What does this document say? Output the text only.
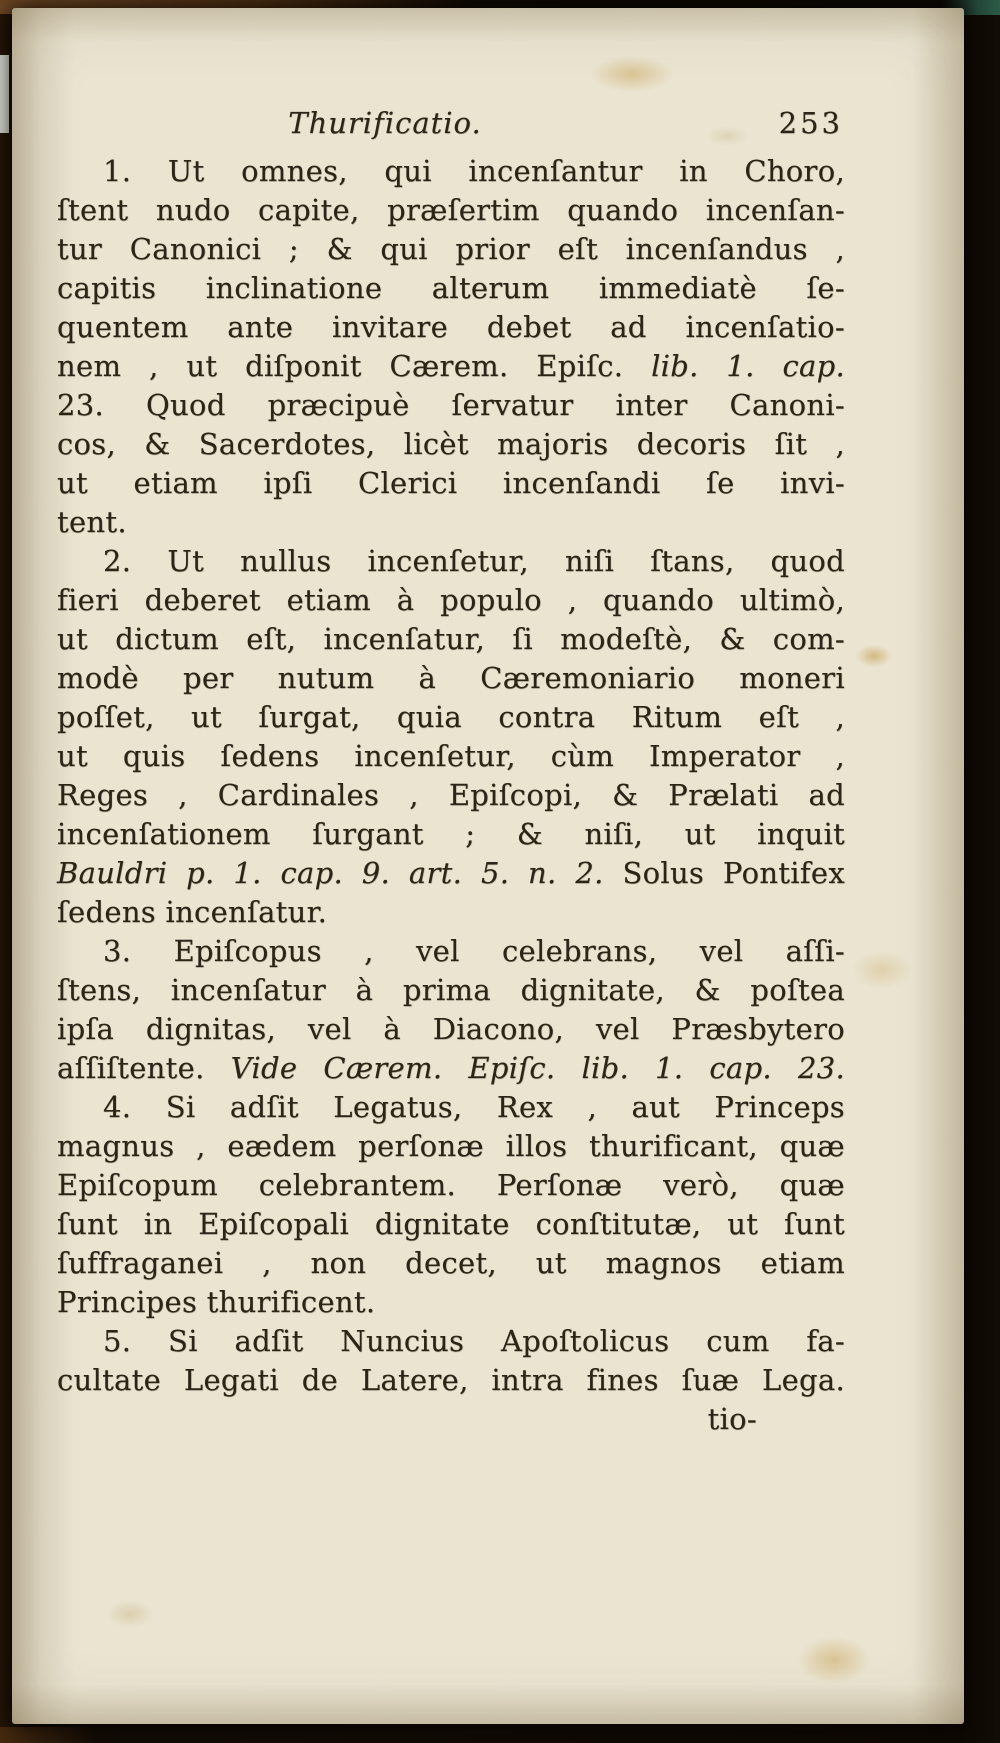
Thurificatio.	253
1. Ut omnes, qui incenſantur in Choro,
ſtent nudo capite, præſertim quando incenſan-
tur Canonici ; & qui prior eſt incenſandus ,
capitis inclinatione alterum immediatè ſe-
quentem ante invitare debet ad incenſatio-
nem , ut diſponit Cærem. Epiſc. lib. 1. cap.
23. Quod præcipuè ſervatur inter Canoni-
cos, & Sacerdotes, licèt majoris decoris ſit ,
ut etiam ipſi Clerici incenſandi ſe invi-
tent.
2. Ut nullus incenſetur, niſi ſtans, quod
fieri deberet etiam à populo , quando ultimò,
ut dictum eſt, incenſatur, ſi modeſtè, & com-
modè per nutum à Cæremoniario moneri
poſſet, ut ſurgat, quia contra Ritum eſt ,
ut quis ſedens incenſetur, cùm Imperator ,
Reges , Cardinales , Epiſcopi, & Prælati ad
incenſationem ſurgant ; & niſi, ut inquit
Bauldri p. 1. cap. 9. art. 5. n. 2. Solus Pontifex
ſedens incenſatur.
3. Epiſcopus , vel celebrans, vel aſſi-
ſtens, incenſatur à prima dignitate, & poſtea
ipſa dignitas, vel à Diacono, vel Præsbytero
aſſiſtente. Vide Cærem. Epiſc. lib. 1. cap. 23.
4. Si adſit Legatus, Rex , aut Princeps
magnus , eædem perſonæ illos thurificant, quæ
Epiſcopum celebrantem. Perſonæ verò, quæ
ſunt in Epiſcopali dignitate conſtitutæ, ut ſunt
ſuffraganei , non decet, ut magnos etiam
Principes thurificent.
5. Si adſit Nuncius Apoſtolicus cum fa-
cultate Legati de Latere, intra fines ſuæ Lega.
tio-
